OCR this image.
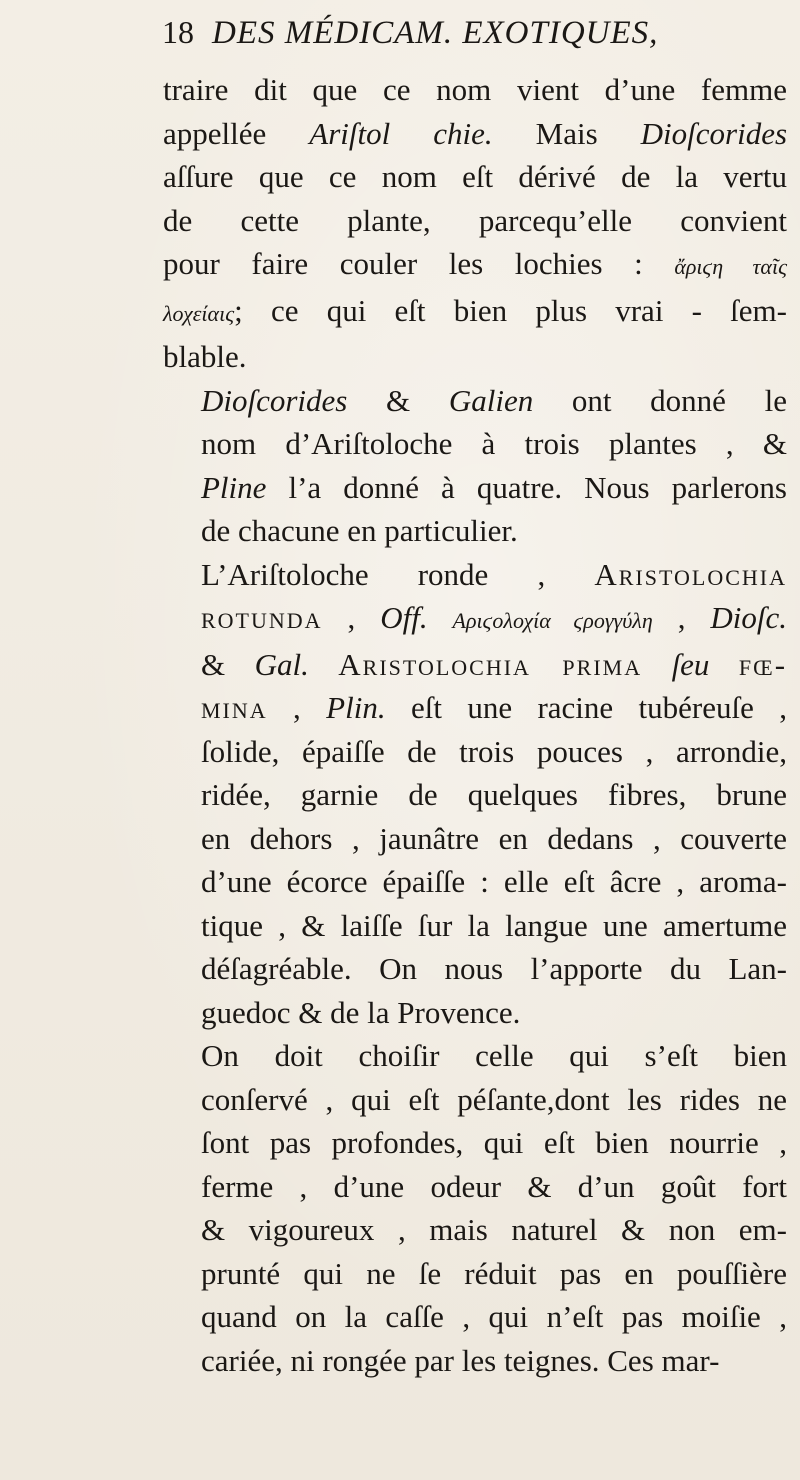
18 DES MÉDICAM. EXOTIQUES,
traire dit que ce nom vient d’une femme
appellée Ariſtol chie. Mais Dioſcorides
aſſure que ce nom eſt dérivé de la vertu
de cette plante, parcequ’elle convient
pour faire couler les lochies : ἄριϛη ταῖς
λοχείαις; ce qui eſt bien plus vrai - ſem-
blable.
Dioſcorides & Galien ont donné le
nom d’Ariſtoloche à trois plantes , &
Pline l’a donné à quatre. Nous parlerons
de chacune en particulier.
L’Ariſtoloche ronde , Aristolochia
rotunda , Off. Αριϛολοχία ϛρογγύλη , Dioſc.
& Gal. Aristolochia prima ſeu fœ-
mina , Plin. eſt une racine tubéreuſe ,
ſolide, épaiſſe de trois pouces , arrondie,
ridée, garnie de quelques fibres, brune
en dehors , jaunâtre en dedans , couverte
d’une écorce épaiſſe : elle eſt âcre , aroma-
tique , & laiſſe ſur la langue une amertume
déſagréable. On nous l’apporte du Lan-
guedoc & de la Provence.
On doit choiſir celle qui s’eſt bien
conſervé , qui eſt péſante,dont les rides ne
ſont pas profondes, qui eſt bien nourrie ,
ferme , d’une odeur & d’un goût fort
& vigoureux , mais naturel & non em-
prunté qui ne ſe réduit pas en pouſſière
quand on la caſſe , qui n’eſt pas moiſie ,
cariée, ni rongée par les teignes. Ces mar-
